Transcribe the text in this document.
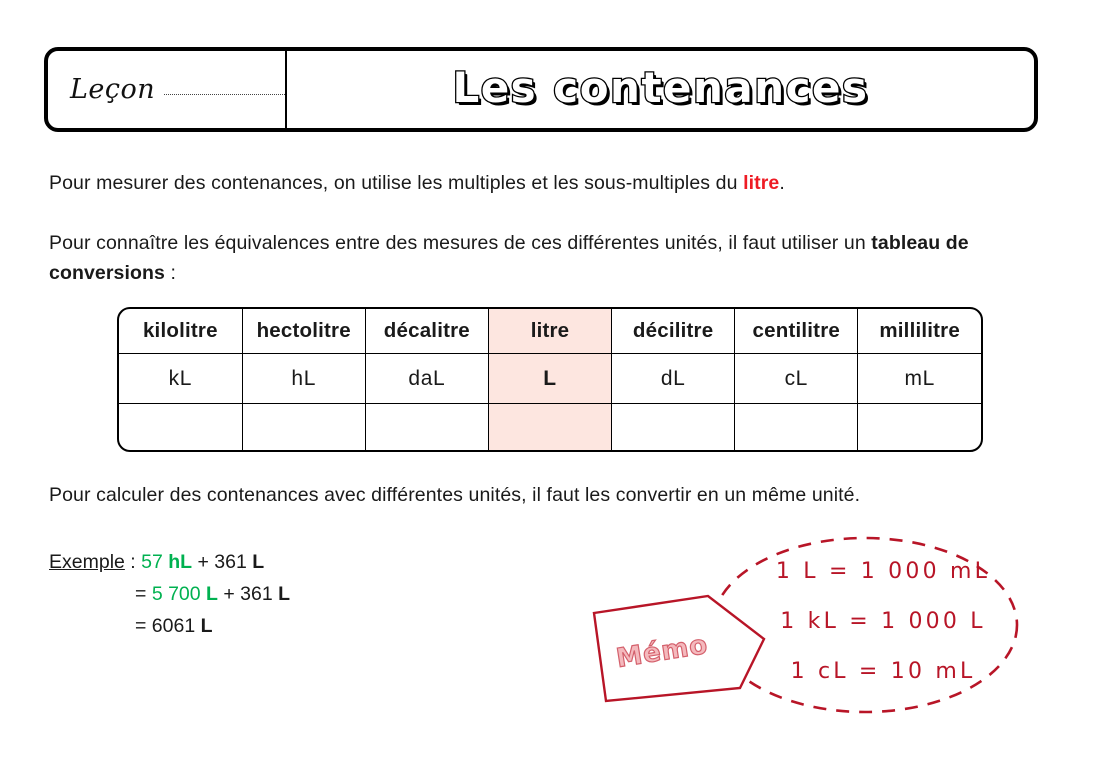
Leçon	Les contenances
Pour mesurer des contenances, on utilise les multiples et les sous-multiples du litre.
Pour connaître les équivalences entre des mesures de ces différentes unités, il faut utiliser un tableau de conversions :
kilolitre	hectolitre	décalitre	litre	décilitre	centilitre	millilitre
kL	hL	daL	L	dL	cL	mL

Pour calculer des contenances avec différentes unités, il faut les convertir en un même unité.
Exemple : 57 hL + 361 L
= 5 700 L + 361 L
= 6061 L
Mémo
1 L = 1 000 mL
1 kL = 1 000 L
1 cL = 10 mL
